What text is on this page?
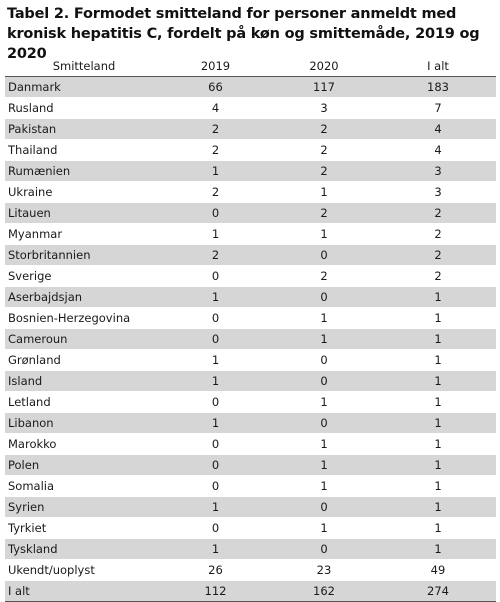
Tabel 2. Formodet smitteland for personer anmeldt med kronisk hepatitis C, fordelt på køn og smittemåde, 2019 og 2020
Smitteland	2019	2020	I alt
Danmark	66	117	183
Rusland	4	3	7
Pakistan	2	2	4
Thailand	2	2	4
Rumænien	1	2	3
Ukraine	2	1	3
Litauen	0	2	2
Myanmar	1	1	2
Storbritannien	2	0	2
Sverige	0	2	2
Aserbajdsjan	1	0	1
Bosnien-Herzegovina	0	1	1
Cameroun	0	1	1
Grønland	1	0	1
Island	1	0	1
Letland	0	1	1
Libanon	1	0	1
Marokko	0	1	1
Polen	0	1	1
Somalia	0	1	1
Syrien	1	0	1
Tyrkiet	0	1	1
Tyskland	1	0	1
Ukendt/uoplyst	26	23	49
I alt	112	162	274
